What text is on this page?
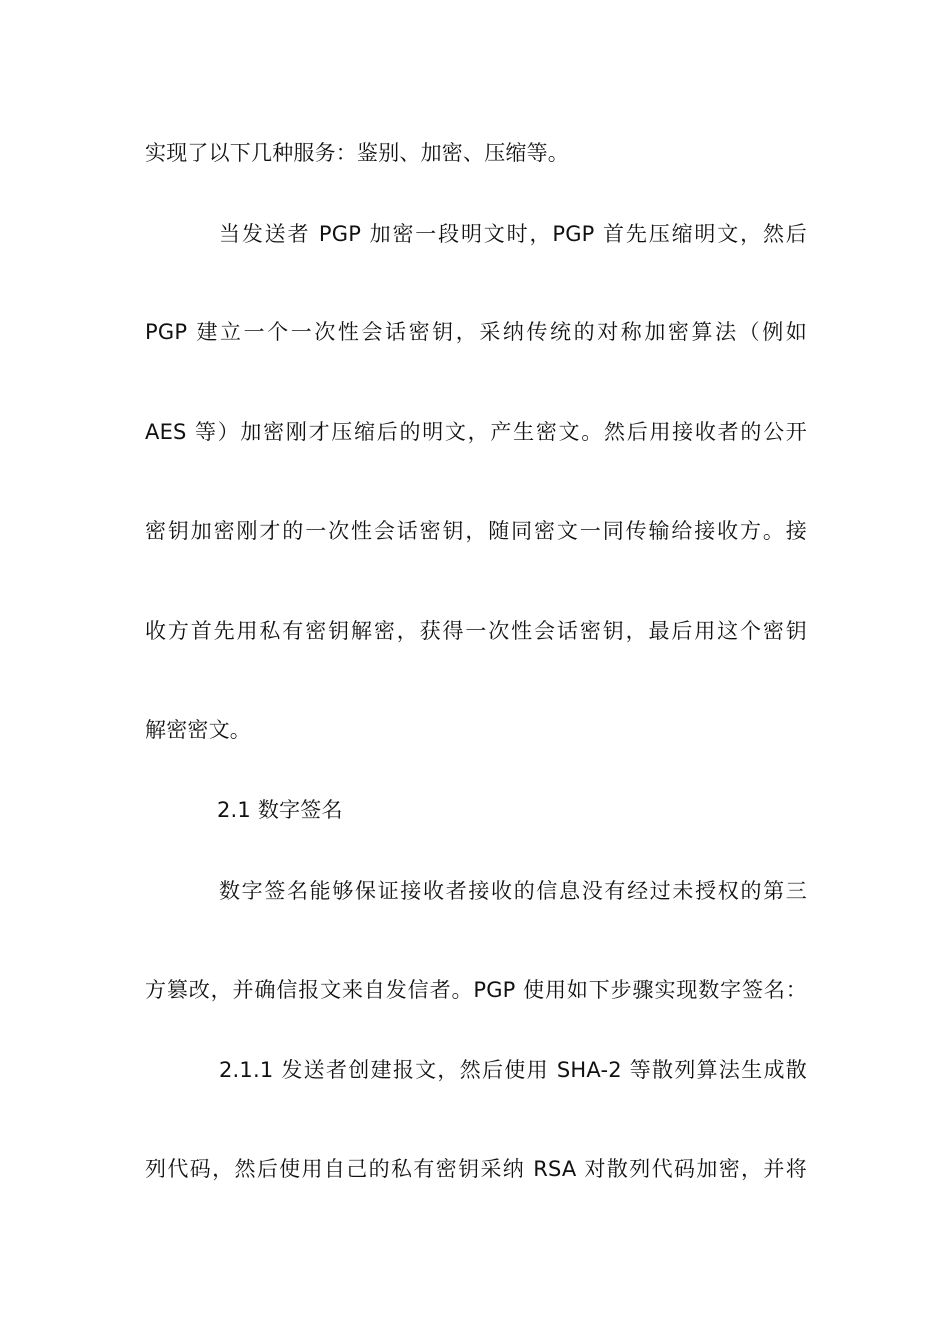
实现了以下几种服务：鉴别、加密、压缩等。
当发送者 PGP 加密一段明文时，PGP 首先压缩明文，然后
PGP 建立一个一次性会话密钥，采纳传统的对称加密算法（例如
AES 等）加密刚才压缩后的明文，产生密文。然后用接收者的公开
密钥加密刚才的一次性会话密钥，随同密文一同传输给接收方。接
收方首先用私有密钥解密，获得一次性会话密钥，最后用这个密钥
解密密文。
2.1 数字签名
数字签名能够保证接收者接收的信息没有经过未授权的第三
方篡改，并确信报文来自发信者。PGP 使用如下步骤实现数字签名：
2.1.1 发送者创建报文，然后使用 SHA-2 等散列算法生成散
列代码，然后使用自己的私有密钥采纳 RSA 对散列代码加密，并将
